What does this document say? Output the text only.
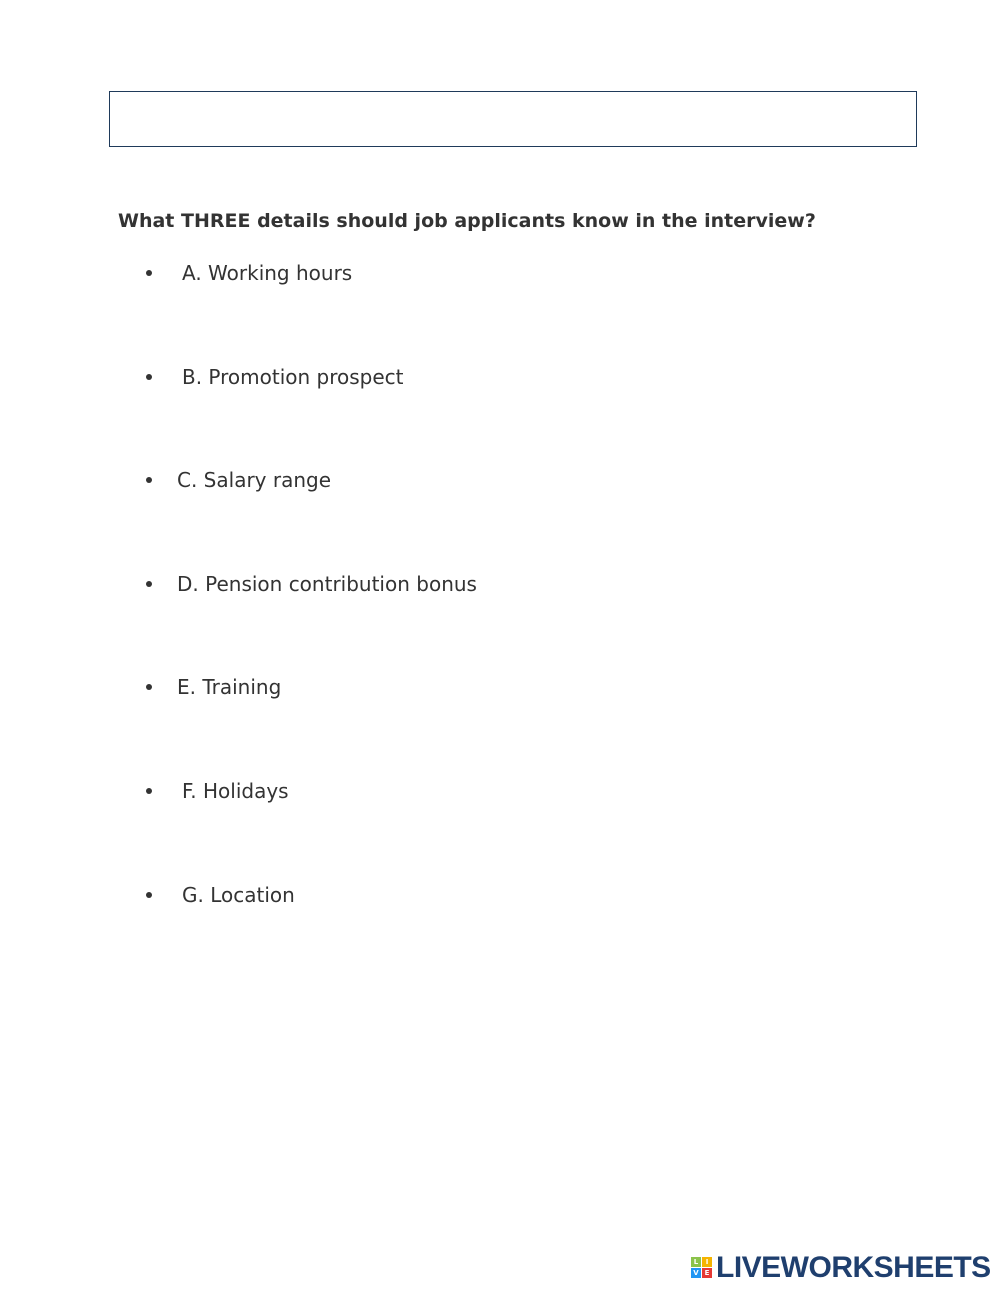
What THREE details should job applicants know in the interview?
A. Working hours
B. Promotion prospect
C. Salary range
D. Pension contribution bonus
E. Training
F. Holidays
G. Location
L	I
V E LIVEWORKSHEETS
